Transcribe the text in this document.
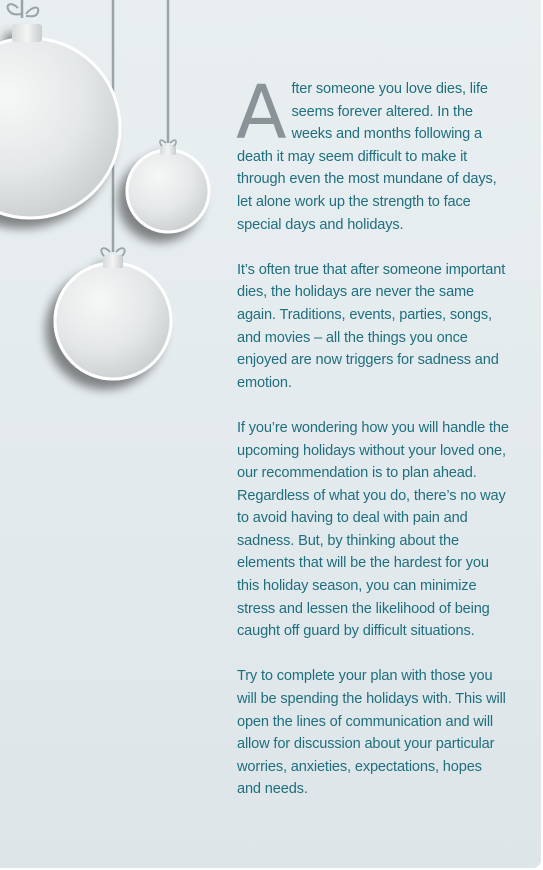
After someone you love dies, life seems forever altered. In the weeks and months following a death it may seem difficult to make it through even the most mundane of days, let alone work up the strength to face special days and holidays.

It’s often true that after someone important dies, the holidays are never the same again. Traditions, events, parties, songs, and movies – all the things you once enjoyed are now triggers for sadness and emotion.

If you’re wondering how you will handle the upcoming holidays without your loved one, our recommendation is to plan ahead. Regardless of what you do, there’s no way to avoid having to deal with pain and sadness. But, by thinking about the elements that will be the hardest for you this holiday season, you can minimize stress and lessen the likelihood of being caught off guard by difficult situations.

Try to complete your plan with those you will be spending the holidays with. This will open the lines of communication and will allow for discussion about your particular worries, anxieties, expectations, hopes and needs.
